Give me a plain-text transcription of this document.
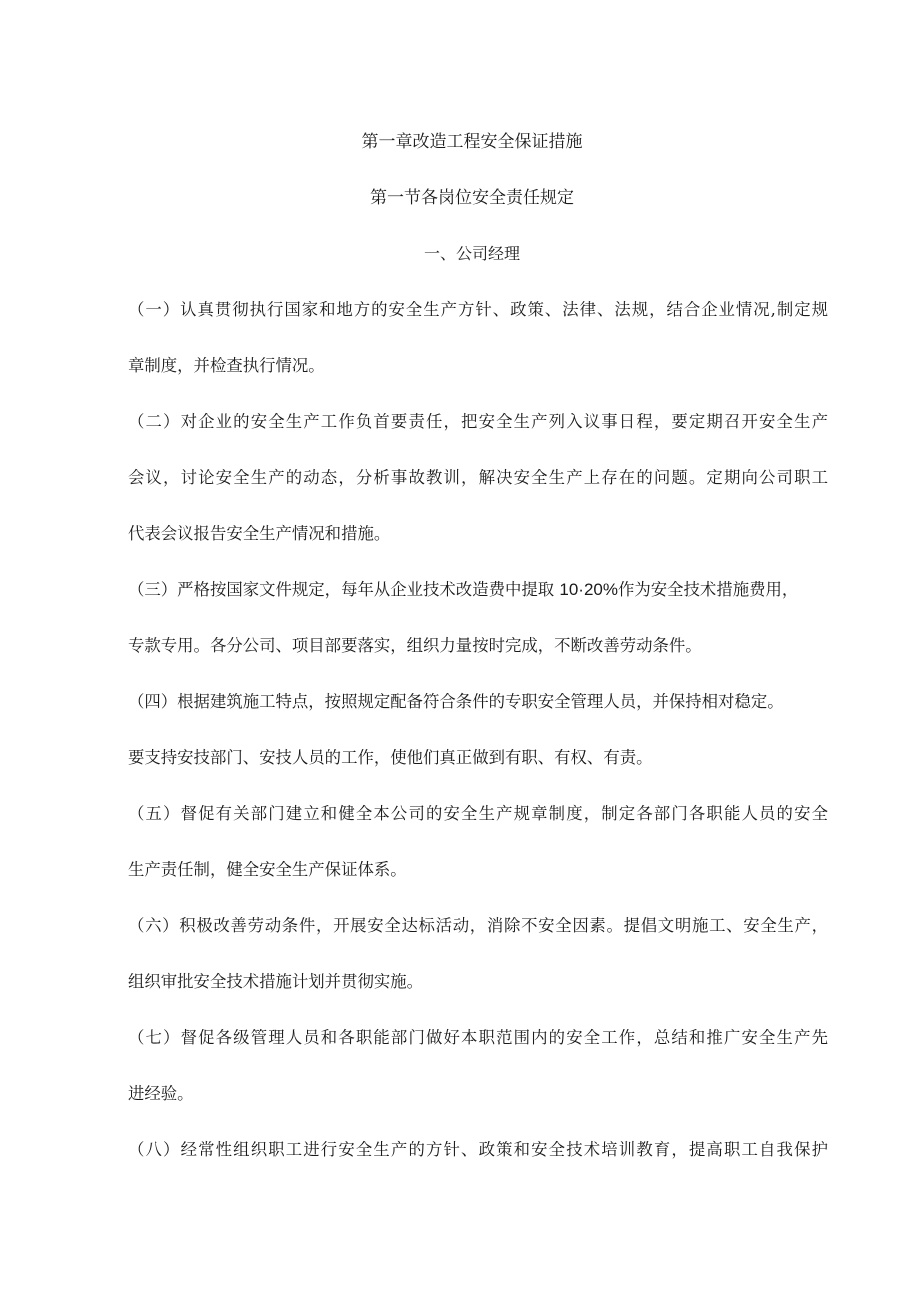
第一章改造工程安全保证措施
第一节各岗位安全责任规定
一、公司经理
（一）认真贯彻执行国家和地方的安全生产方针、政策、法律、法规，结合企业情况,制定规
章制度，并检查执行情况。
（二）对企业的安全生产工作负首要责任，把安全生产列入议事日程，要定期召开安全生产
会议，讨论安全生产的动态，分析事故教训，解决安全生产上存在的问题。定期向公司职工
代表会议报告安全生产情况和措施。
（三）严格按国家文件规定，每年从企业技术改造费中提取 10·20%作为安全技术措施费用，
专款专用。各分公司、项目部要落实，组织力量按时完成，不断改善劳动条件。
（四）根据建筑施工特点，按照规定配备符合条件的专职安全管理人员，并保持相对稳定。
要支持安技部门、安技人员的工作，使他们真正做到有职、有权、有责。
（五）督促有关部门建立和健全本公司的安全生产规章制度，制定各部门各职能人员的安全
生产责任制，健全安全生产保证体系。
（六）积极改善劳动条件，开展安全达标活动，消除不安全因素。提倡文明施工、安全生产，
组织审批安全技术措施计划并贯彻实施。
（七）督促各级管理人员和各职能部门做好本职范围内的安全工作，总结和推广安全生产先
进经验。
（八）经常性组织职工进行安全生产的方针、政策和安全技术培训教育，提高职工自我保护
